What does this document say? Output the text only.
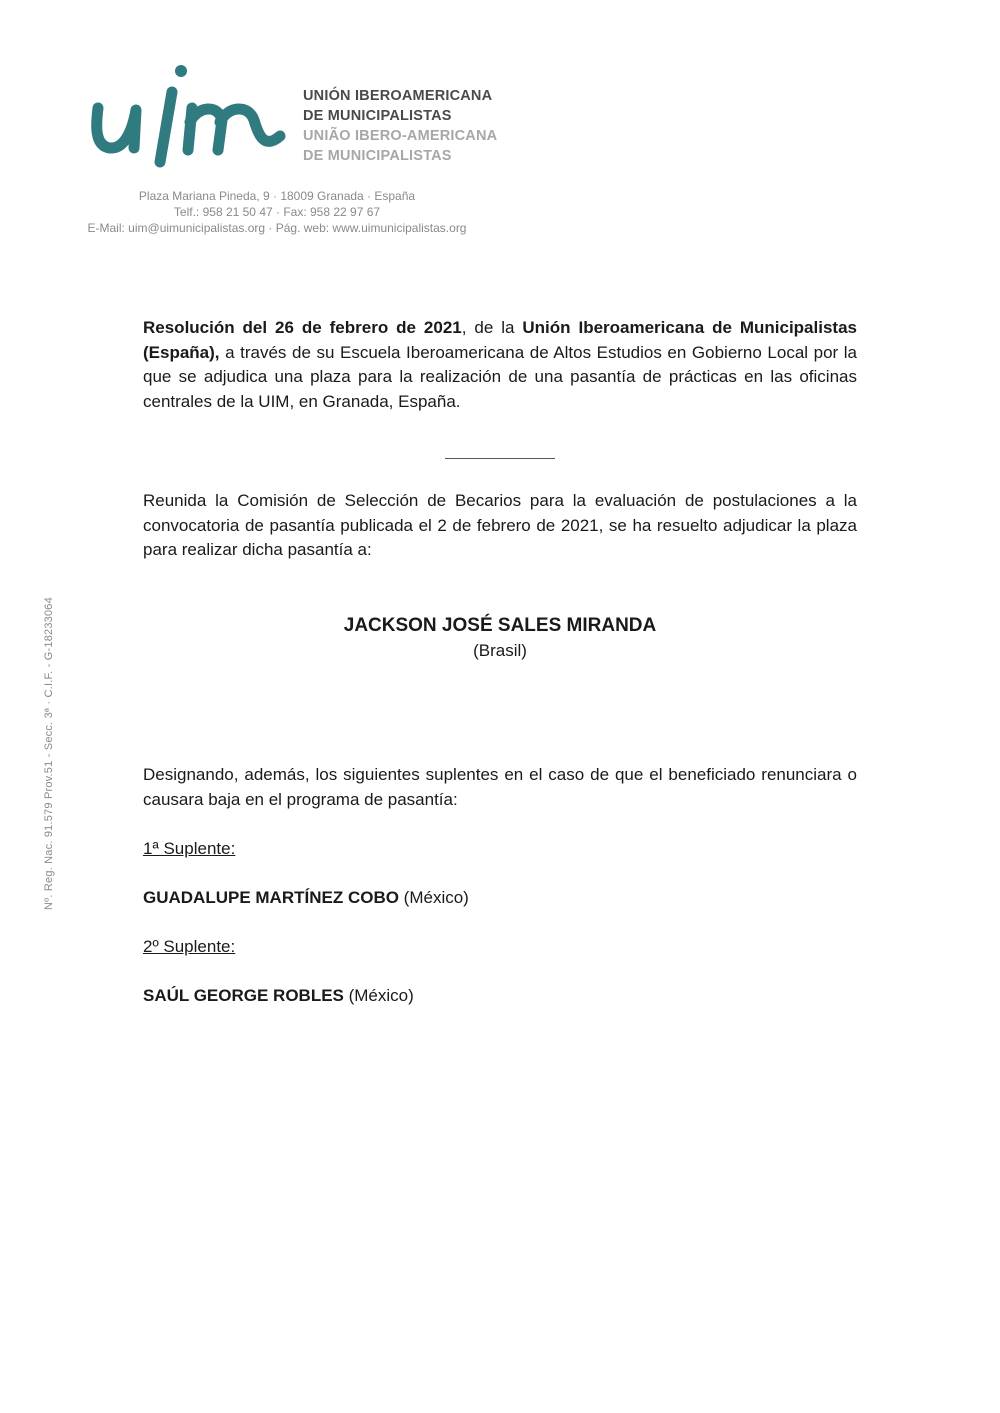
UNIÓN IBEROAMERICANA
DE MUNICIPALISTAS
UNIÃO IBERO-AMERICANA
DE MUNICIPALISTAS
Plaza Mariana Pineda, 9 · 18009 Granada · España
Telf.: 958 21 50 47 · Fax: 958 22 97 67
E-Mail: uim@uimunicipalistas.org · Pág. web: www.uimunicipalistas.org
Nº. Reg. Nac. 91.579 Prov.51 - Secc. 3ª · C.I.F. - G-18233064

Resolución del 26 de febrero de 2021, de la Unión Iberoamericana de Municipalistas (España), a través de su Escuela Iberoamericana de Altos Estudios en Gobierno Local por la que se adjudica una plaza para la realización de una pasantía de prácticas en las oficinas centrales de la UIM, en Granada, España.

Reunida la Comisión de Selección de Becarios para la evaluación de postulaciones a la convocatoria de pasantía publicada el 2 de febrero de 2021, se ha resuelto adjudicar la plaza para realizar dicha pasantía a:

JACKSON JOSÉ SALES MIRANDA
(Brasil)

Designando, además, los siguientes suplentes en el caso de que el beneficiado renunciara o causara baja en el programa de pasantía:

1ª Suplente:
GUADALUPE MARTÍNEZ COBO (México)
2º Suplente:
SAÚL GEORGE ROBLES (México)
